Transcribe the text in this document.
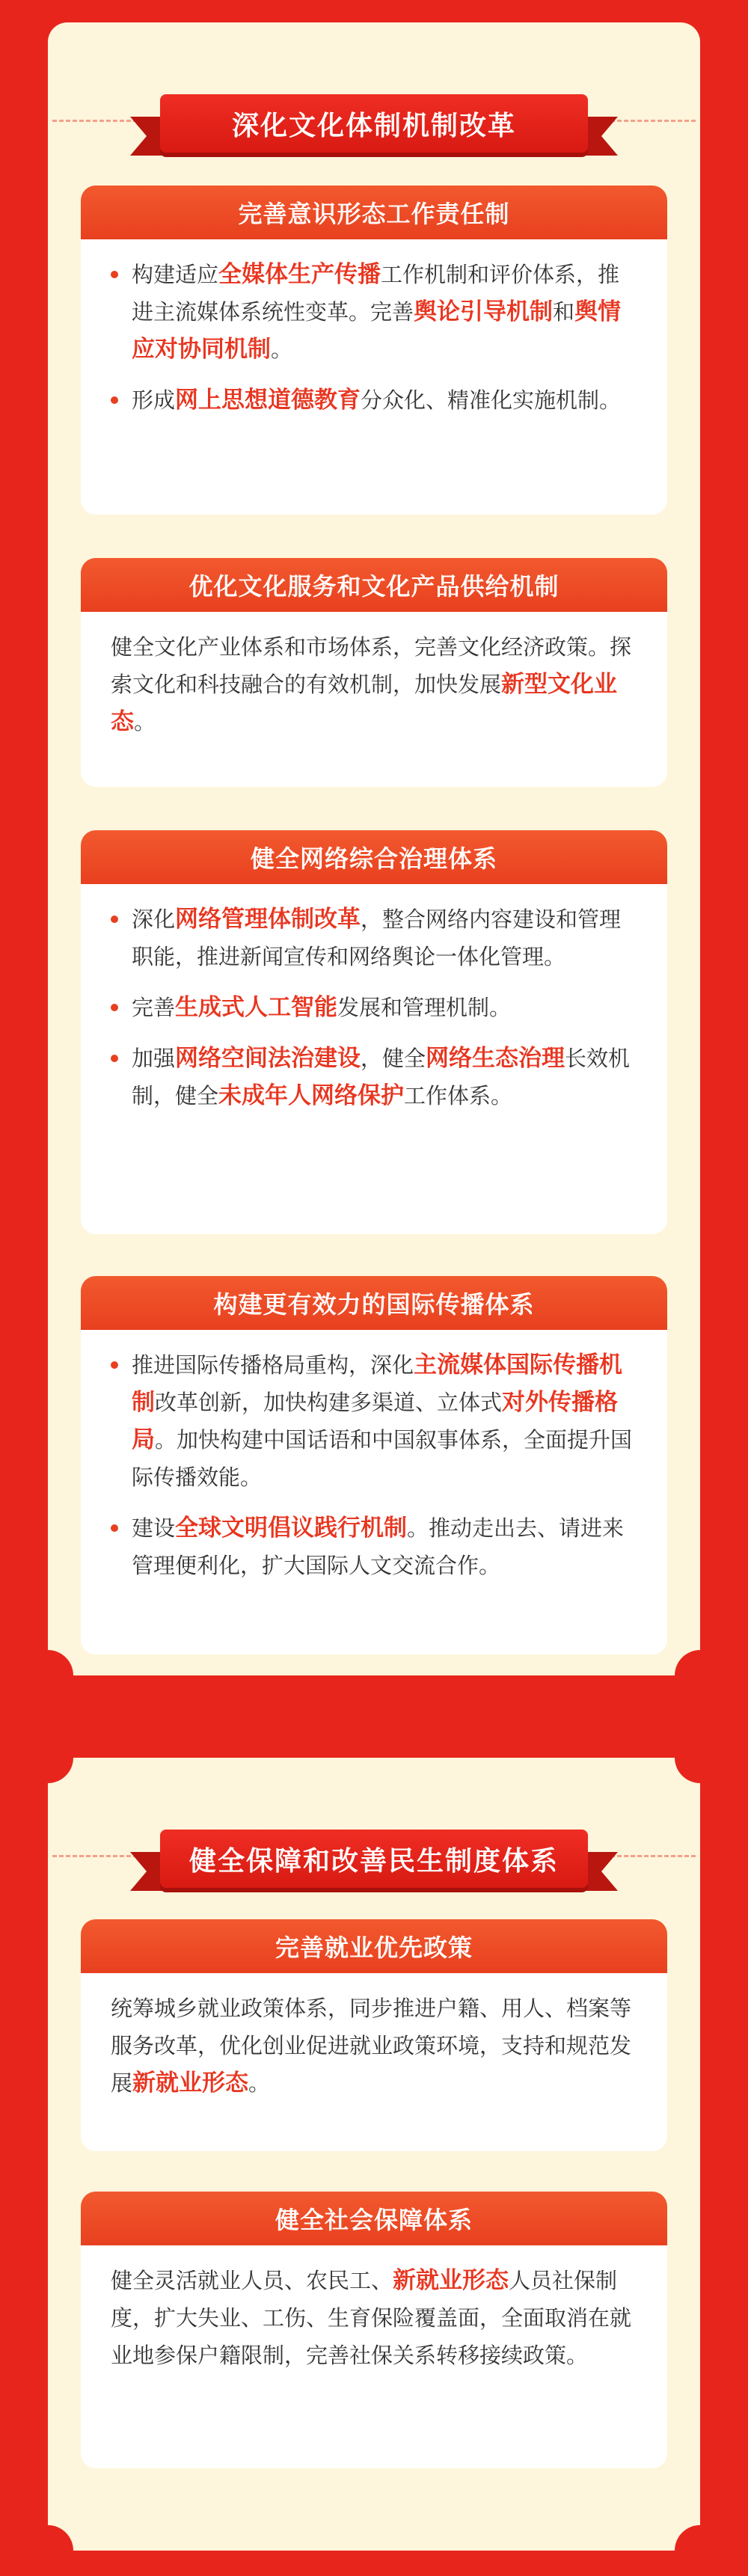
深化文化体制机制改革
完善意识形态工作责任制
构建适应全媒体生产传播工作机制和评价体系，推进主流媒体系统性变革。完善舆论引导机制和舆情应对协同机制。
形成网上思想道德教育分众化、精准化实施机制。
优化文化服务和文化产品供给机制

健全文化产业体系和市场体系，完善文化经济政策。探索文化和科技融合的有效机制，加快发展新型文化业态。

健全网络综合治理体系
深化网络管理体制改革，整合网络内容建设和管理职能，推进新闻宣传和网络舆论一体化管理。
完善生成式人工智能发展和管理机制。
加强网络空间法治建设，健全网络生态治理长效机制，健全未成年人网络保护工作体系。
构建更有效力的国际传播体系
推进国际传播格局重构，深化主流媒体国际传播机制改革创新，加快构建多渠道、立体式对外传播格局。加快构建中国话语和中国叙事体系，全面提升国际传播效能。
建设全球文明倡议践行机制。推动走出去、请进来管理便利化，扩大国际人文交流合作。
健全保障和改善民生制度体系
完善就业优先政策

统筹城乡就业政策体系，同步推进户籍、用人、档案等服务改革，优化创业促进就业政策环境，支持和规范发展新就业形态。

健全社会保障体系

健全灵活就业人员、农民工、新就业形态人员社保制度，扩大失业、工伤、生育保险覆盖面，全面取消在就业地参保户籍限制，完善社保关系转移接续政策。
